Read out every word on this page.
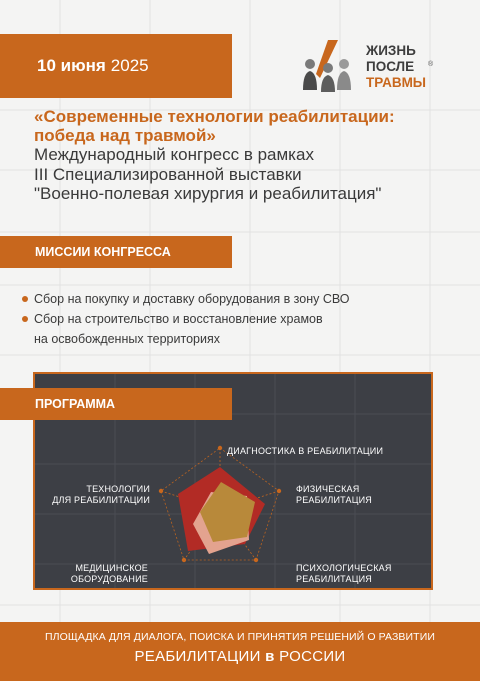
10 июня 2025
ЖИЗНЬ
ПОСЛЕ
ТРАВМЫ
®
«Современные технологии реабилитации:
победа над травмой»
Международный конгресс в рамках
III Специализированной выставки
"Военно-полевая хирургия и реабилитация"
МИССИИ КОНГРЕССА
Сбор на покупку и доставку оборудования в зону СВО
Сбор на строительство и восстановление храмов
на освобожденных территориях
ПРОГРАММА
ДИАГНОСТИКА В РЕАБИЛИТАЦИИ
ФИЗИЧЕСКАЯ
РЕАБИЛИТАЦИЯ
ПСИХОЛОГИЧЕСКАЯ
РЕАБИЛИТАЦИЯ
МЕДИЦИНСКОЕ
ОБОРУДОВАНИЕ
ТЕХНОЛОГИИ
ДЛЯ РЕАБИЛИТАЦИИ
ПЛОЩАДКА ДЛЯ ДИАЛОГА, ПОИСКА И ПРИНЯТИЯ РЕШЕНИЙ О РАЗВИТИИ
РЕАБИЛИТАЦИИ в РОССИИ
